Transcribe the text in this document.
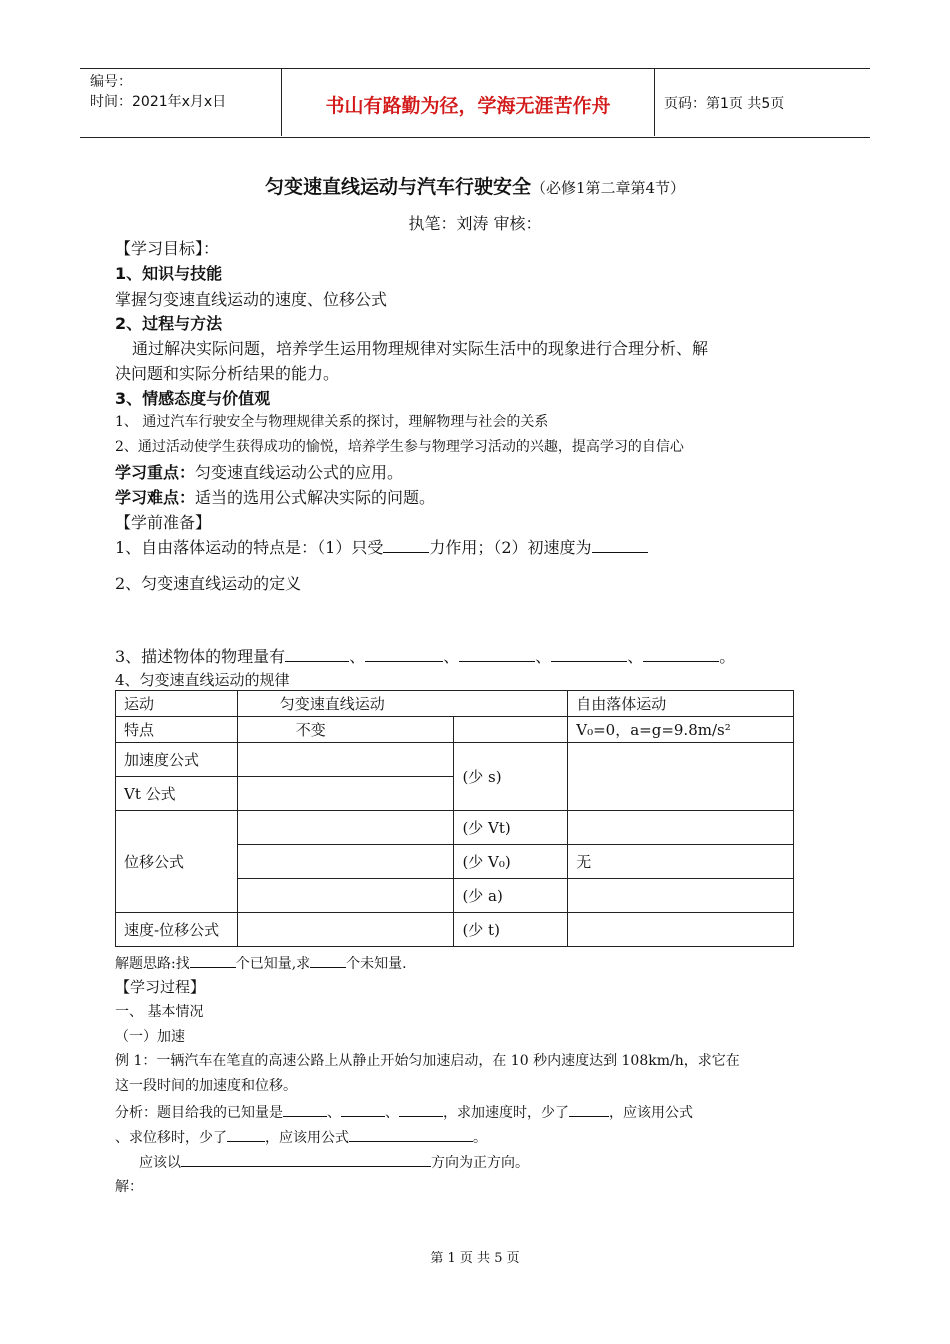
编号：
时间：2021年x月x日	书山有路勤为径，学海无涯苦作舟	页码：第1页 共5页
匀变速直线运动与汽车行驶安全（必修1第二章第4节）
执笔：刘涛 审核：
【学习目标】：
1、知识与技能
掌握匀变速直线运动的速度、位移公式
2、过程与方法
通过解决实际问题，培养学生运用物理规律对实际生活中的现象进行合理分析、解
决问题和实际分析结果的能力。
3、情感态度与价值观
1、 通过汽车行驶安全与物理规律关系的探讨，理解物理与社会的关系
2、通过活动使学生获得成功的愉悦，培养学生参与物理学习活动的兴趣，提高学习的自信心
学习重点：匀变速直线运动公式的应用。
学习难点：适当的选用公式解决实际的问题。
【学前准备】
1、自由落体运动的特点是：（1）只受	力作用；（2）初速度为
2、匀变速直线运动的定义
3、描述物体的物理量有	、	、	、	、	。
4、匀变速直线运动的规律
运动	匀变速直线运动		自由落体运动
特点	不变		V₀=0，a=g=9.8m/s²
加速度公式		(少 s)	
Vt 公式			
位移公式		(少 Vt)	
		(少 V₀)	无
		(少 a)	
速度-位移公式		(少 t)	
解题思路:找	个已知量,求	个未知量.
【学习过程】
一、 基本情况
（一）加速
例 1：一辆汽车在笔直的高速公路上从静止开始匀加速启动，在 10 秒内速度达到 108km/h，求它在
这一段时间的加速度和位移。
分析：题目给我的已知量是	、	、	，求加速度时，少了	，应该用公式
、求位移时，少了	，应该用公式	。
应该以	方向为正方向。
解：
第 1 页 共 5 页
